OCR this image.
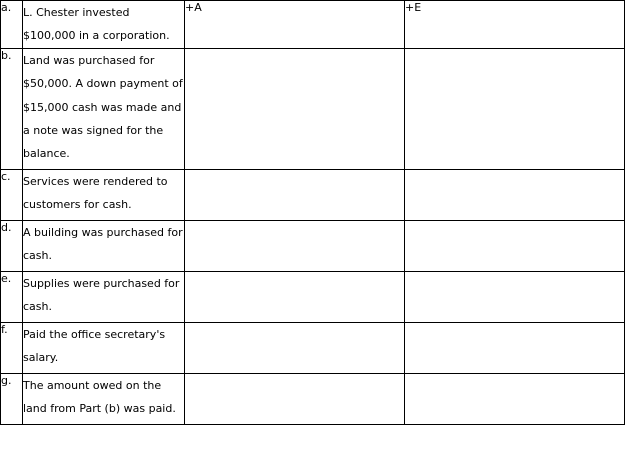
a.	L. Chester invested $100,000 in a corporation.	+A	+E
b.	Land was purchased for $50,000. A down payment of $15,000 cash was made and a note was signed for the balance.		
c.	Services were rendered to customers for cash.		
d.	A building was purchased for cash.		
e.	Supplies were purchased for cash.		
f.	Paid the office secretary's salary.		
g.	The amount owed on the land from Part (b) was paid.		
